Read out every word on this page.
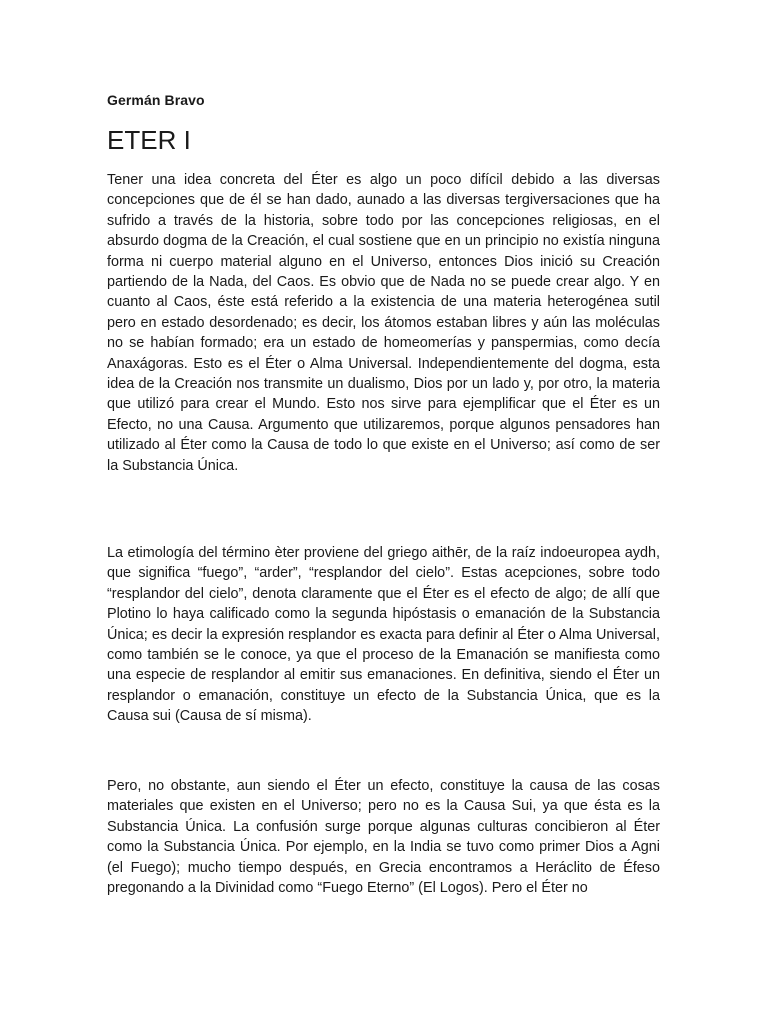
Germán Bravo
ETER I

Tener una idea concreta del Éter es algo un poco difícil debido a las diversas concepciones que de él se han dado, aunado a las diversas tergiversaciones que ha sufrido a través de la historia, sobre todo por las concepciones religiosas, en el absurdo dogma de la Creación, el cual sostiene que en un principio no existía ninguna forma ni cuerpo material alguno en el Universo, entonces Dios inició su Creación partiendo de la Nada, del Caos. Es obvio que de Nada no se puede crear algo. Y en cuanto al Caos, éste está referido a la existencia de una materia heterogénea sutil pero en estado desordenado; es decir, los átomos estaban libres y aún las moléculas no se habían formado; era un estado de homeomerías y panspermias, como decía Anaxágoras. Esto es el Éter o Alma Universal. Independientemente del dogma, esta idea de la Creación nos transmite un dualismo, Dios por un lado y, por otro, la materia que utilizó para crear el Mundo. Esto nos sirve para ejemplificar que el Éter es un Efecto, no una Causa. Argumento que utilizaremos, porque algunos pensadores han utilizado al Éter como la Causa de todo lo que existe en el Universo; así como de ser la Substancia Única.

La etimología del término èter proviene del griego aithēr, de la raíz indoeuropea aydh, que significa “fuego”, “arder”, “resplandor del cielo”. Estas acepciones, sobre todo “resplandor del cielo”, denota claramente que el Éter es el efecto de algo; de allí que Plotino lo haya calificado como la segunda hipóstasis o emanación de la Substancia Única; es decir la expresión resplandor es exacta para definir al Éter o Alma Universal, como también se le conoce, ya que el proceso de la Emanación se manifiesta como una especie de resplandor al emitir sus emanaciones. En definitiva, siendo el Éter un resplandor o emanación, constituye un efecto de la Substancia Única, que es la Causa sui (Causa de sí misma).

Pero, no obstante, aun siendo el Éter un efecto, constituye la causa de las cosas materiales que existen en el Universo; pero no es la Causa Sui, ya que ésta es la Substancia Única. La confusión surge porque algunas culturas concibieron al Éter como la Substancia Única. Por ejemplo, en la India se tuvo como primer Dios a Agni (el Fuego); mucho tiempo después, en Grecia encontramos a Heráclito de Éfeso pregonando a la Divinidad como “Fuego Eterno” (El Logos). Pero el Éter no
